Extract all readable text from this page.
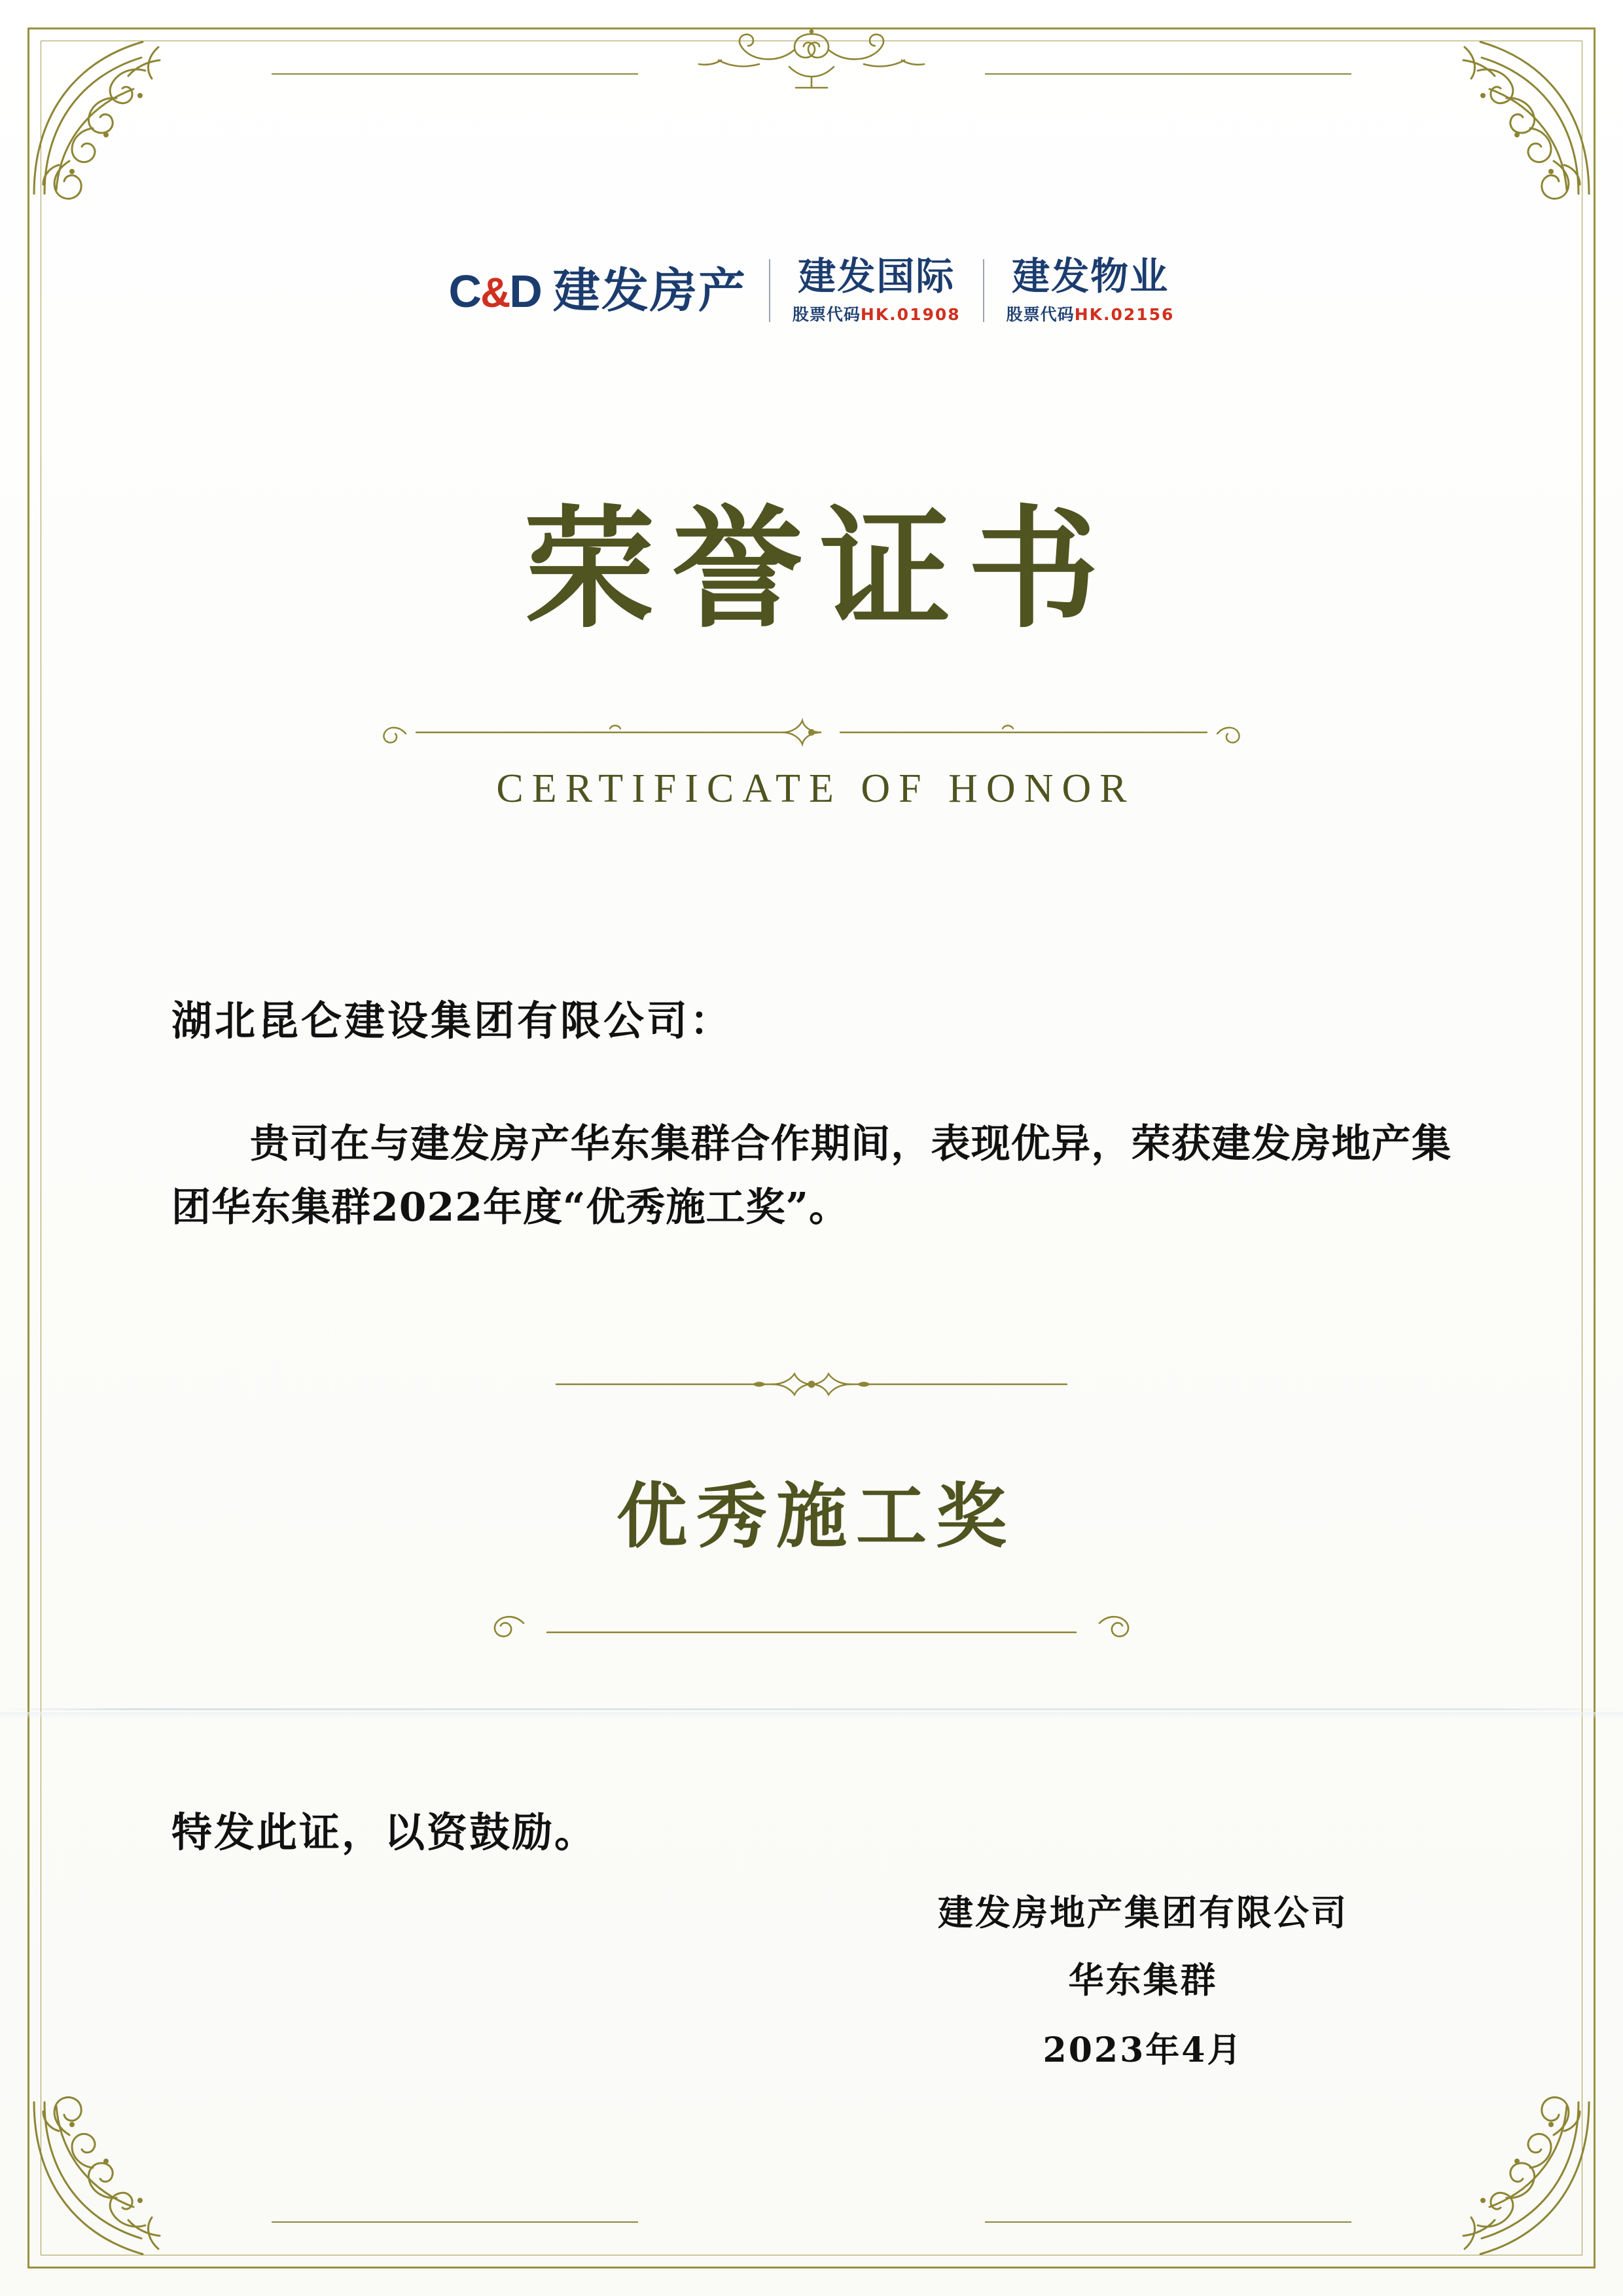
C&D 建发房产 建发国际
股票代码HK.01908
建发物业
股票代码HK.02156
荣誉证书
CERTIFICATE OF HONOR
湖北昆仑建设集团有限公司：
贵司在与建发房产华东集群合作期间，表现优异，荣获建发房地产集团华东集群2022年度“优秀施工奖”。
优秀施工奖
特发此证，以资鼓励。
建发房地产集团有限公司
华东集群
2023年4月
